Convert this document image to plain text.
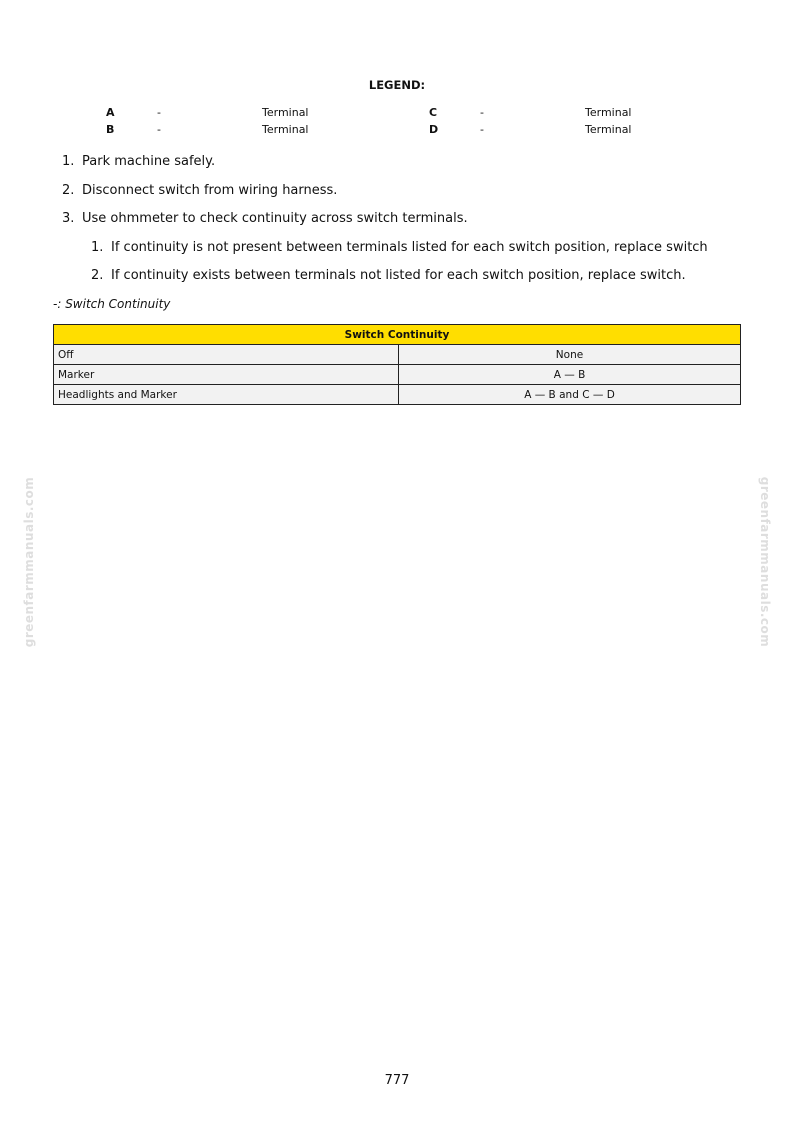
LEGEND:
A	-	Terminal	C	-	Terminal
B	-	Terminal	D	-	Terminal
1. Park machine safely.
2. Disconnect switch from wiring harness.
3. Use ohmmeter to check continuity across switch terminals.
1. If continuity is not present between terminals listed for each switch position, replace switch
2. If continuity exists between terminals not listed for each switch position, replace switch.
-: Switch Continuity
Switch Continuity	
Off	None
Marker	A — B
Headlights and Marker	A — B and C — D
greenfarmmanuals.com	greenfarmmanuals.com
777
